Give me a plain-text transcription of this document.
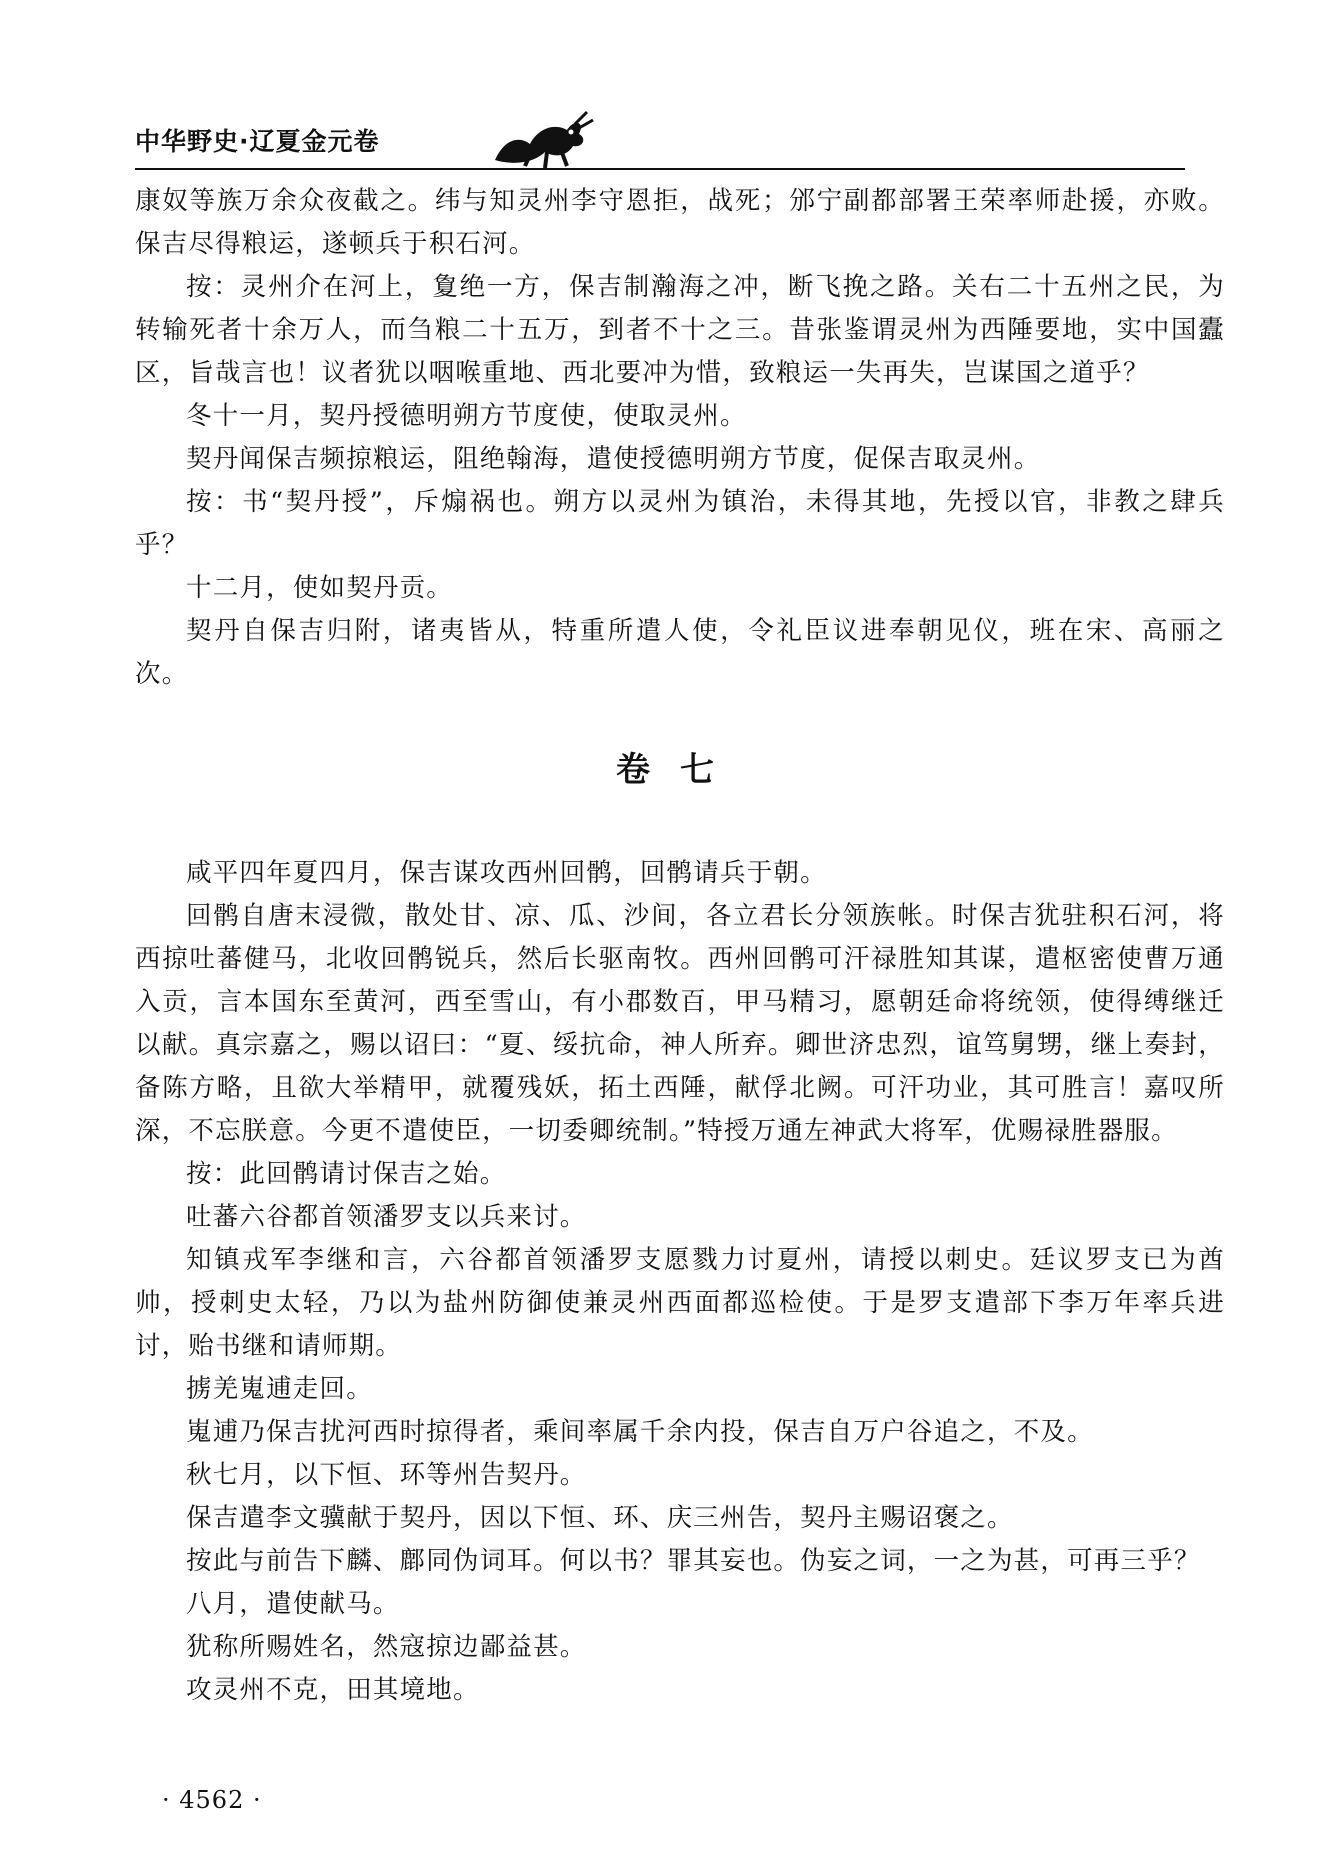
中华野史·辽夏金元卷

康奴等族万余众夜截之。纬与知灵州李守恩拒，战死；邠宁副都部署王荣率师赴援，亦败。保吉尽得粮运，遂顿兵于积石河。

按：灵州介在河上，夐绝一方，保吉制瀚海之冲，断飞挽之路。关右二十五州之民，为转输死者十余万人，而刍粮二十五万，到者不十之三。昔张鉴谓灵州为西陲要地，实中国蠹区，旨哉言也！议者犹以咽喉重地、西北要冲为惜，致粮运一失再失，岂谋国之道乎？

冬十一月，契丹授德明朔方节度使，使取灵州。

契丹闻保吉频掠粮运，阻绝翰海，遣使授德明朔方节度，促保吉取灵州。

按：书“契丹授”，斥煽祸也。朔方以灵州为镇治，未得其地，先授以官，非教之肆兵乎？

十二月，使如契丹贡。

契丹自保吉归附，诸夷皆从，特重所遣人使，令礼臣议进奉朝见仪，班在宋、高丽之次。

卷七

咸平四年夏四月，保吉谋攻西州回鹘，回鹘请兵于朝。

回鹘自唐末浸微，散处甘、凉、瓜、沙间，各立君长分领族帐。时保吉犹驻积石河，将西掠吐蕃健马，北收回鹘锐兵，然后长驱南牧。西州回鹘可汗禄胜知其谋，遣枢密使曹万通入贡，言本国东至黄河，西至雪山，有小郡数百，甲马精习，愿朝廷命将统领，使得缚继迁以献。真宗嘉之，赐以诏曰：“夏、绥抗命，神人所弃。卿世济忠烈，谊笃舅甥，继上奏封，备陈方略，且欲大举精甲，就覆残妖，拓土西陲，献俘北阙。可汗功业，其可胜言！嘉叹所深，不忘朕意。今更不遣使臣，一切委卿统制。”特授万通左神武大将军，优赐禄胜器服。

按：此回鹘请讨保吉之始。

吐蕃六谷都首领潘罗支以兵来讨。

知镇戎军李继和言，六谷都首领潘罗支愿戮力讨夏州，请授以刺史。廷议罗支已为酋帅，授刺史太轻，乃以为盐州防御使兼灵州西面都巡检使。于是罗支遣部下李万年率兵进讨，贻书继和请师期。

掳羌嵬逋走回。

嵬逋乃保吉扰河西时掠得者，乘间率属千余内投，保吉自万户谷追之，不及。

秋七月，以下恒、环等州告契丹。

保吉遣李文骥献于契丹，因以下恒、环、庆三州告，契丹主赐诏褒之。

按此与前告下麟、鄜同伪词耳。何以书？罪其妄也。伪妄之词，一之为甚，可再三乎？

八月，遣使献马。

犹称所赐姓名，然寇掠边鄙益甚。

攻灵州不克，田其境地。

· 4562 ·
